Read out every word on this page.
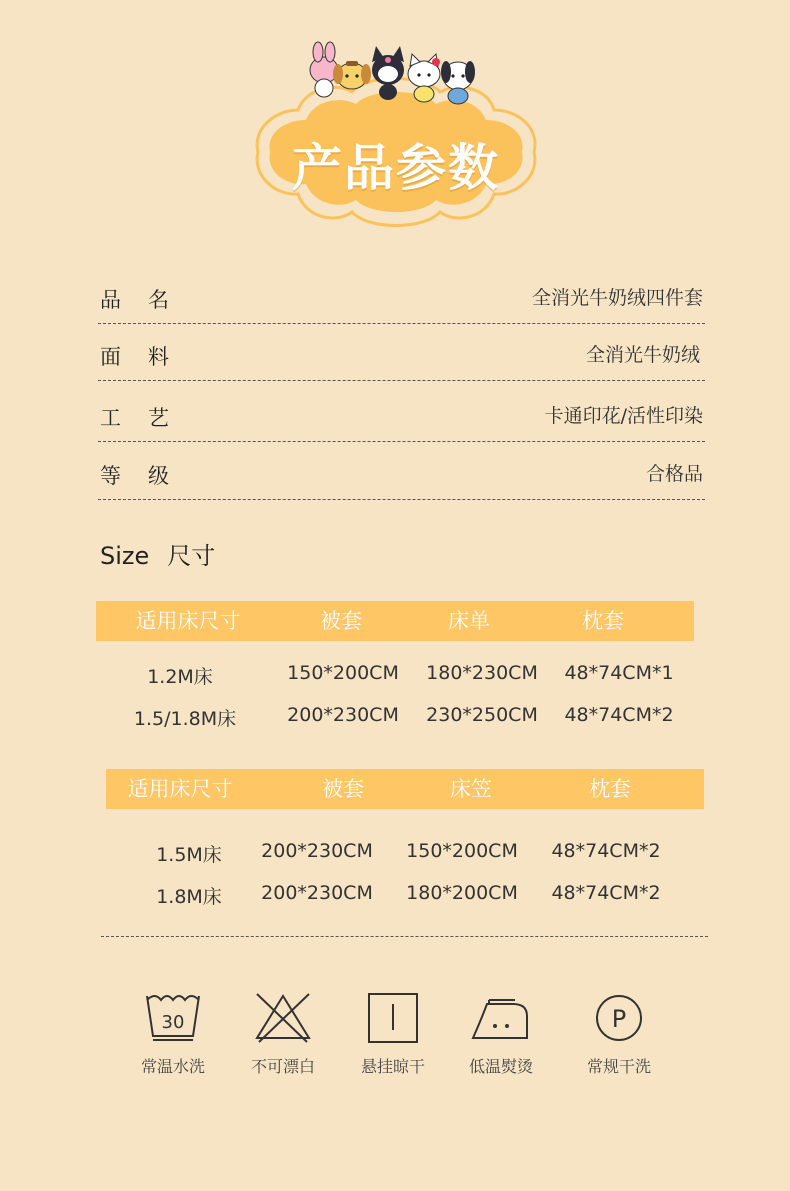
产品参数
品名	全消光牛奶绒四件套
面料	全消光牛奶绒
工艺	卡通印花/活性印染
等级	合格品
Size 尺寸
适用床尺寸	被套	床单	枕套
1.2M床	150*200CM 180*230CM 48*74CM*1
1.5/1.8M床	200*230CM 230*250CM 48*74CM*2
适用床尺寸	被套	床笠	枕套
1.5M床 200*230CM 150*200CM 48*74CM*2
1.8M床 200*230CM 180*200CM 48*74CM*2
30
常温水洗	不可漂白	悬挂晾干	低温熨烫
P
常规干洗
